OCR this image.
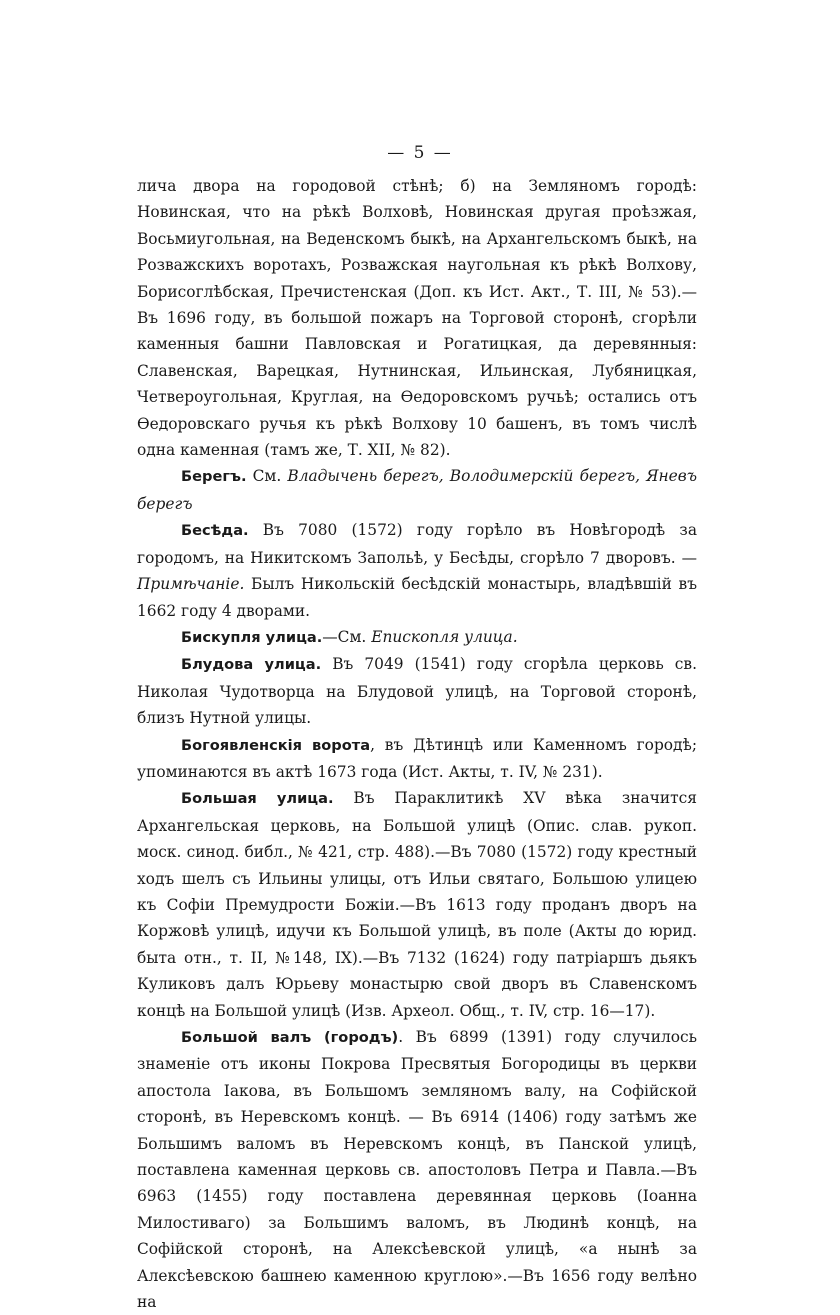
— 5 —

лича двора на городовой стѣнѣ; б) на Земляномъ городѣ: Новинская, что на рѣкѣ Волховѣ, Новинская другая проѣзжая, Восьмиугольная, на Веденскомъ быкѣ, на Архангельскомъ быкѣ, на Розважскихъ воротахъ, Розважская наугольная къ рѣкѣ Волхову, Борисоглѣбская, Пречистенская (Доп. къ Ист. Акт., Т. III, № 53).—Въ 1696 году, въ большой пожаръ на Торговой сторонѣ, сгорѣли каменныя башни Павловская и Рогатицкая, да деревянныя: Славенская, Варецкая, Нутнинская, Ильинская, Лубяницкая, Четвероугольная, Круглая, на Ѳедоровскомъ ручьѣ; остались отъ Ѳедоровскаго ручья къ рѣкѣ Волхову 10 башенъ, въ томъ числѣ одна каменная (тамъ же, Т. XII, № 82).

Берегъ. См. Владычень берегъ, Володимерскій берегъ, Яневъ берегъ

Бесѣда. Въ 7080 (1572) году горѣло въ Новѣгородѣ за городомъ, на Никитскомъ Запольѣ, у Бесѣды, сгорѣло 7 дворовъ. — Примѣчаніе. Былъ Никольскій бесѣдскій монастырь, владѣвшій въ 1662 году 4 дворами.

Бискупля улица.—См. Епископля улица.

Блудова улица. Въ 7049 (1541) году сгорѣла церковь св. Николая Чудотворца на Блудовой улицѣ, на Торговой сторонѣ, близъ Нутной улицы.

Богоявленскія ворота, въ Дѣтинцѣ или Каменномъ городѣ; упоминаются въ актѣ 1673 года (Ист. Акты, т. IV, № 231).

Большая улица. Въ Параклитикѣ XV вѣка значится Архангельская церковь, на Большой улицѣ (Опис. слав. рукоп. моск. синод. библ., № 421, стр. 488).—Въ 7080 (1572) году крестный ходъ шелъ съ Ильины улицы, отъ Ильи святаго, Большою улицею къ Софіи Премудрости Божіи.—Въ 1613 году проданъ дворъ на Коржовѣ улицѣ, идучи къ Большой улицѣ, въ поле (Акты до юрид. быта отн., т. II, №148, IX).—Въ 7132 (1624) году патріаршъ дьякъ Куликовъ далъ Юрьеву монастырю свой дворъ въ Славенскомъ концѣ на Большой улицѣ (Изв. Археол. Общ., т. IV, стр. 16—17).

Большой валъ (городъ). Въ 6899 (1391) году случилось знаменіе отъ иконы Покрова Пресвятыя Богородицы въ церкви апостола Іакова, въ Большомъ земляномъ валу, на Софійской сторонѣ, въ Неревскомъ концѣ. — Въ 6914 (1406) году затѣмъ же Большимъ валомъ въ Неревскомъ концѣ, въ Панской улицѣ, поставлена каменная церковь св. апостоловъ Петра и Павла.—Въ 6963 (1455) году поставлена деревянная церковь (Іоанна Милостиваго) за Большимъ валомъ, въ Людинѣ концѣ, на Софійской сторонѣ, на Алексѣевской улицѣ, «а нынѣ за Алексѣевскою башнею каменною круглою».—Въ 1656 году велѣно на
